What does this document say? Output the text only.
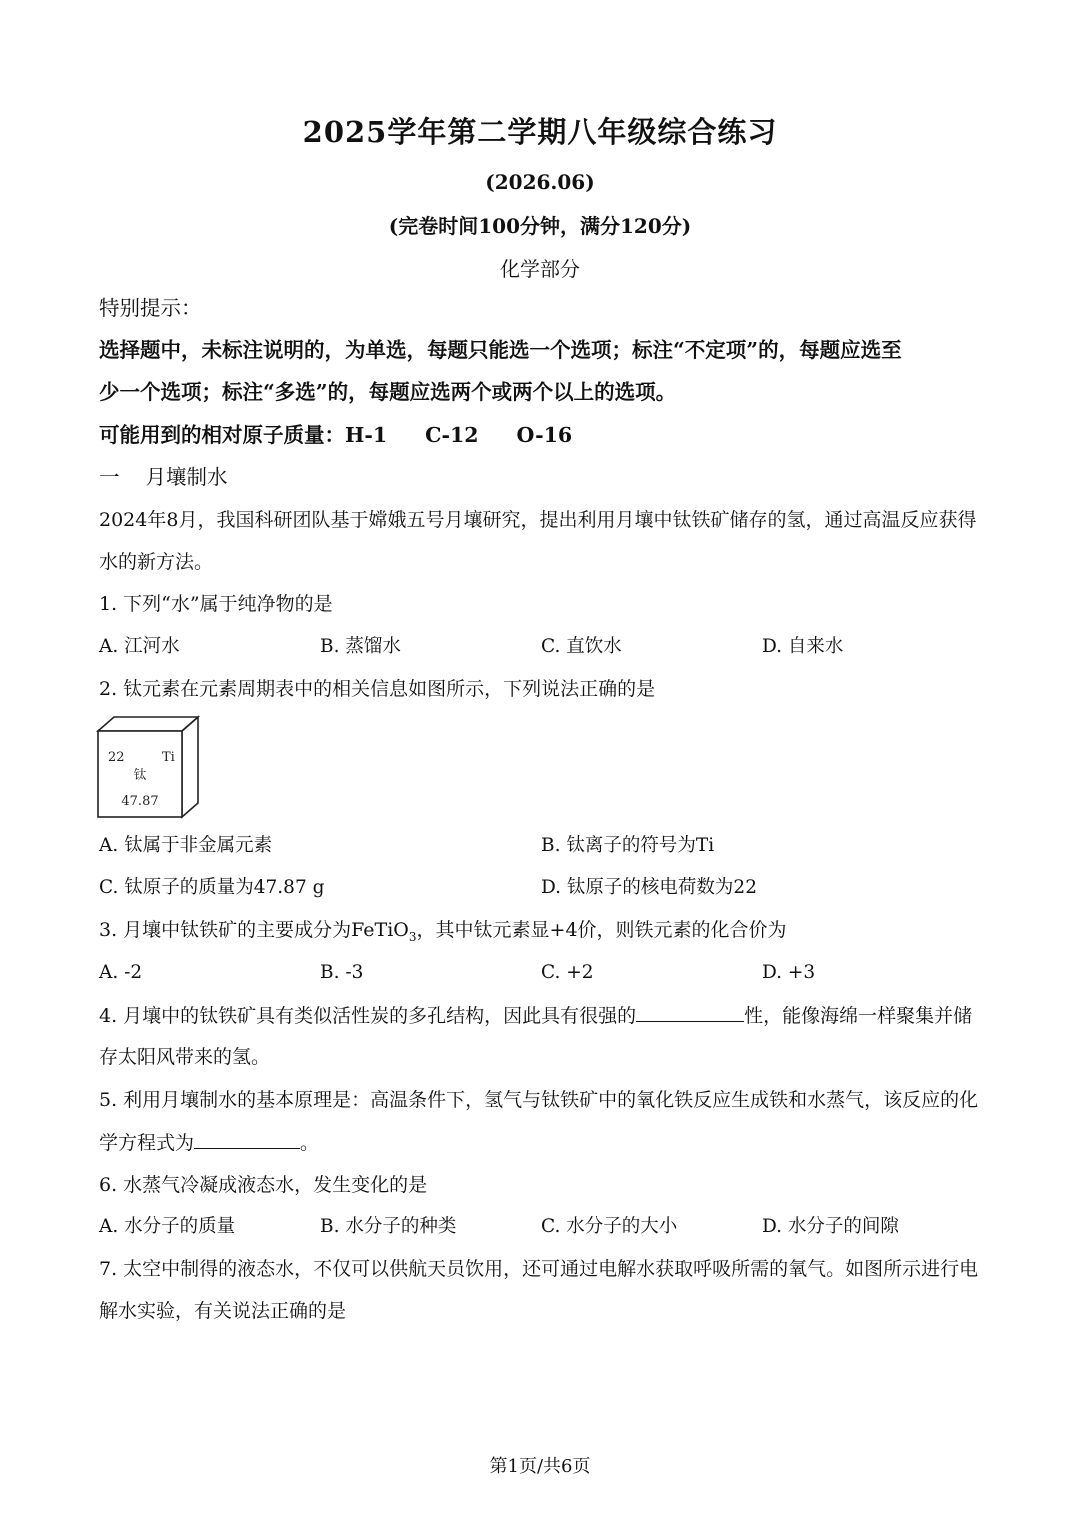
2025学年第二学期八年级综合练习
(2026.06)
(完卷时间100分钟，满分120分)
化学部分
特别提示：
选择题中，未标注说明的，为单选，每题只能选一个选项；标注“不定项”的，每题应选至
少一个选项；标注“多选”的，每题应选两个或两个以上的选项。
可能用到的相对原子质量：H-1 C-12 O-16
一 月壤制水
2024年8月，我国科研团队基于嫦娥五号月壤研究，提出利用月壤中钛铁矿储存的氢，通过高温反应获得
水的新方法。
1. 下列“水”属于纯净物的是
A. 江河水	B. 蒸馏水	C. 直饮水	D. 自来水
2. 钛元素在元素周期表中的相关信息如图所示，下列说法正确的是
22	Ti
钛
47.87
A. 钛属于非金属元素	B. 钛离子的符号为Ti
C. 钛原子的质量为47.87 g	D. 钛原子的核电荷数为22
3. 月壤中钛铁矿的主要成分为FeTiO$_3$，其中钛元素显+4价，则铁元素的化合价为
A. -2	B. -3	C. +2	D. +3
4. 月壤中的钛铁矿具有类似活性炭的多孔结构，因此具有很强的	性，能像海绵一样聚集并储
存太阳风带来的氢。
5. 利用月壤制水的基本原理是：高温条件下，氢气与钛铁矿中的氧化铁反应生成铁和水蒸气，该反应的化
学方程式为	。
6. 水蒸气冷凝成液态水，发生变化的是
A. 水分子的质量	B. 水分子的种类	C. 水分子的大小	D. 水分子的间隙
7. 太空中制得的液态水，不仅可以供航天员饮用，还可通过电解水获取呼吸所需的氧气。如图所示进行电
解水实验，有关说法正确的是
第1页/共6页
